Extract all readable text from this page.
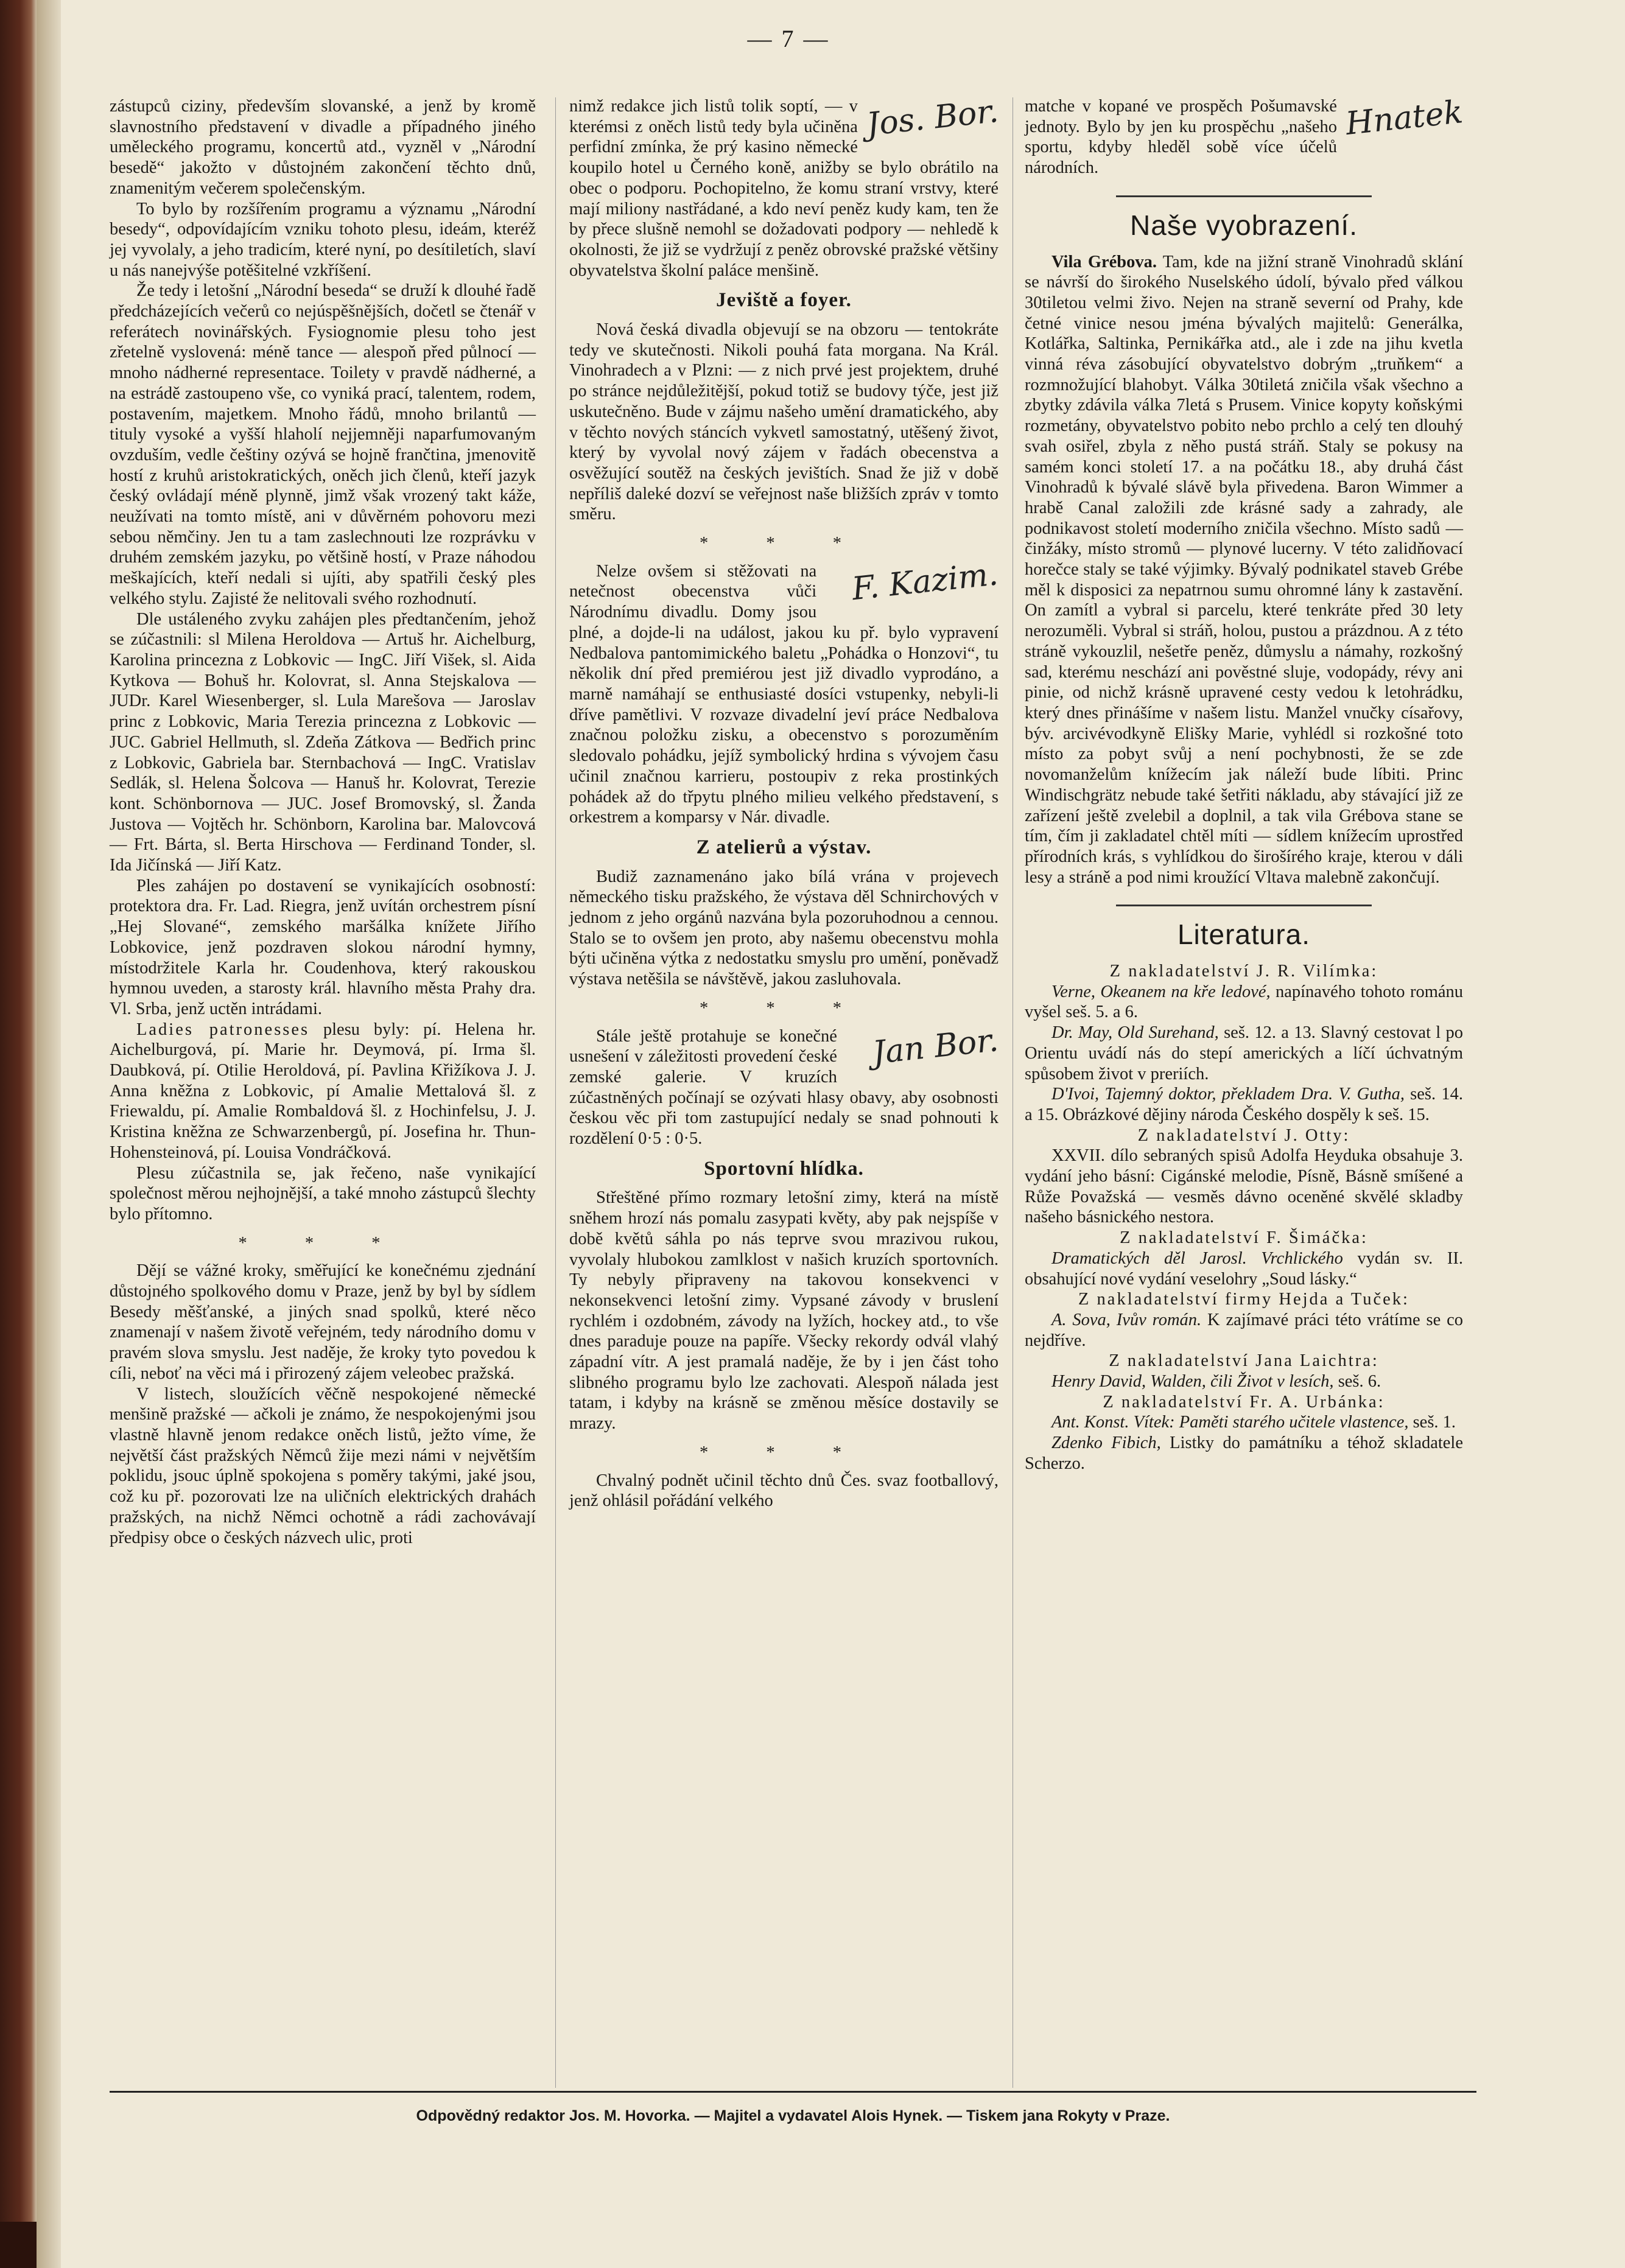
— 7 —

zástupců ciziny, především slovanské, a jenž by kromě slavnostního představení v divadle a případného jiného uměleckého programu, koncertů atd., vyzněl v „Národní besedě“ jakožto v důstojném zakončení těchto dnů, znamenitým večerem společenským.

To bylo by rozšířením programu a významu „Národní besedy“, odpovídajícím vzniku tohoto plesu, ideám, kteréž jej vyvolaly, a jeho tradicím, které nyní, po desítiletích, slaví u nás nanejvýše potěšitelné vzkříšení.

Že tedy i letošní „Národní beseda“ se druží k dlouhé řadě předcházejících večerů co nejúspěšnějších, dočetl se čtenář v referátech novinářských. Fysiognomie plesu toho jest zřetelně vyslovená: méně tance — alespoň před půlnocí — mnoho nádherné representace. Toilety v pravdě nádherné, a na estrádě zastoupeno vše, co vyniká prací, talentem, rodem, postavením, majetkem. Mnoho řádů, mnoho brilantů — tituly vysoké a vyšší hlaholí nejjemněji naparfumovaným ovzduším, vedle češtiny ozývá se hojně frančtina, jmenovitě hostí z kruhů aristokratických, oněch jich členů, kteří jazyk český ovládají méně plynně, jimž však vrozený takt káže, neužívati na tomto místě, ani v důvěrném pohovoru mezi sebou němčiny. Jen tu a tam zaslechnouti lze rozprávku v druhém zemském jazyku, po většině hostí, v Praze náhodou meškajících, kteří nedali si ujíti, aby spatřili český ples velkého stylu. Zajisté že nelitovali svého rozhodnutí.

Dle ustáleného zvyku zahájen ples předtančením, jehož se zúčastnili: sl Milena Heroldova — Artuš hr. Aichelburg, Karolina princezna z Lobkovic — IngC. Jiří Višek, sl. Aida Kytkova — Bohuš hr. Kolovrat, sl. Anna Stejskalova — JUDr. Karel Wiesenberger, sl. Lula Marešova — Jaroslav princ z Lobkovic, Maria Terezia princezna z Lobkovic — JUC. Gabriel Hellmuth, sl. Zdeňa Zátkova — Bedřich princ z Lobkovic, Gabriela bar. Sternbachová — IngC. Vratislav Sedlák, sl. Helena Šolcova — Hanuš hr. Kolovrat, Terezie kont. Schönbornova — JUC. Josef Bromovský, sl. Žanda Justova — Vojtěch hr. Schönborn, Karolina bar. Malovcová — Frt. Bárta, sl. Berta Hirschova — Ferdinand Tonder, sl. Ida Jičínská — Jiří Katz.

Ples zahájen po dostavení se vynikajících osobností: protektora dra. Fr. Lad. Riegra, jenž uvítán orchestrem písní „Hej Slované“, zemského maršálka knížete Jiřího Lobkovice, jenž pozdraven slokou národní hymny, místodržitele Karla hr. Coudenhova, který rakouskou hymnou uveden, a starosty král. hlavního města Prahy dra. Vl. Srba, jenž uctěn intrádami.

Ladies patronesses plesu byly: pí. Helena hr. Aichelburgová, pí. Marie hr. Deymová, pí. Irma šl. Daubková, pí. Otilie Heroldová, pí. Pavlina Křižíkova J. J. Anna kněžna z Lobkovic, pí Amalie Mettalová šl. z Friewaldu, pí. Amalie Rombaldová šl. z Hochinfelsu, J. J. Kristina kněžna ze Schwarzenbergů, pí. Josefina hr. Thun-Hohensteinová, pí. Louisa Vondráčková.

Plesu zúčastnila se, jak řečeno, naše vynikající společnost měrou nejhojnější, a také mnoho zástupců šlechty bylo přítomno.

* * *

Dějí se vážné kroky, směřující ke konečnému zjednání důstojného spolkového domu v Praze, jenž by byl by sídlem Besedy měšťanské, a jiných snad spolků, které něco znamenají v našem životě veřejném, tedy národního domu v pravém slova smyslu. Jest naděje, že kroky tyto povedou k cíli, neboť na věci má i přirozený zájem veleobec pražská.

V listech, sloužících věčně nespokojené německé menšině pražské — ačkoli je známo, že nespokojenými jsou vlastně hlavně jenom redakce oněch listů, ježto víme, že největší část pražských Němců žije mezi námi v největším poklidu, jsouc úplně spokojena s poměry takými, jaké jsou, což ku př. pozorovati lze na uličních elektrických drahách pražských, na nichž Němci ochotně a rádi zachovávají předpisy obce o českých názvech ulic, proti

Jos. Bor.
nimž redakce jich listů tolik soptí, — v kterémsi z oněch listů tedy byla učiněna perfidní zmínka, že prý kasino německé koupilo hotel u Černého koně, anižby se bylo obrátilo na obec o podporu. Pochopitelno, že komu straní vrstvy, které mají miliony nastřádané, a kdo neví peněz kudy kam, ten že by přece slušně nemohl se dožadovati podpory — nehledě k okolnosti, že již se vydržují z peněz obrovské pražské většiny obyvatelstva školní paláce menšině.

Jeviště a foyer.

Nová česká divadla objevují se na obzoru — tentokráte tedy ve skutečnosti. Nikoli pouhá fata morgana. Na Král. Vinohradech a v Plzni: — z nich prvé jest projektem, druhé po stránce nejdůležitější, pokud totiž se budovy týče, jest již uskutečněno. Bude v zájmu našeho umění dramatického, aby v těchto nových stáncích vykvetl samostatný, utěšený život, který by vyvolal nový zájem v řadách obecenstva a osvěžující soutěž na českých jevištích. Snad že již v době nepříliš daleké dozví se veřejnost naše bližších zpráv v tomto směru.

* * *

F. Kazim.
Nelze ovšem si stěžovati na netečnost obecenstva vůči Národnímu divadlu. Domy jsou plné, a dojde-li na událost, jakou ku př. bylo vypravení Nedbalova pantomimického baletu „Pohádka o Honzovi“, tu několik dní před premiérou jest již divadlo vyprodáno, a marně namáhají se enthusiasté dosíci vstupenky, nebyli-li dříve pamětlivi. V rozvaze divadelní jeví práce Nedbalova značnou položku zisku, a obecenstvo s porozuměním sledovalo pohádku, jejíž symbolický hrdina s vývojem času učinil značnou karrieru, postoupiv z reka prostinkých pohádek až do třpytu plného milieu velkého představení, s orkestrem a komparsy v Nár. divadle.

Z atelierů a výstav.

Budiž zaznamenáno jako bílá vrána v projevech německého tisku pražského, že výstava děl Schnirchových v jednom z jeho orgánů nazvána byla pozoruhodnou a cennou. Stalo se to ovšem jen proto, aby našemu obecenstvu mohla býti učiněna výtka z nedostatku smyslu pro umění, poněvadž výstava netěšila se návštěvě, jakou zasluhovala.

* * *

Jan Bor.
Stále ještě protahuje se konečné usnešení v záležitosti provedení české zemské galerie. V kruzích zúčastněných počínají se ozývati hlasy obavy, aby osobnosti českou věc při tom zastupující nedaly se snad pohnouti k rozdělení 0·5 : 0·5.

Sportovní hlídka.

Střeštěné přímo rozmary letošní zimy, která na místě sněhem hrozí nás pomalu zasypati květy, aby pak nejspíše v době květů sáhla po nás teprve svou mrazivou rukou, vyvolaly hlubokou zamlklost v našich kruzích sportovních. Ty nebyly připraveny na takovou konsekvenci v nekonsekvenci letošní zimy. Vypsané závody v bruslení rychlém i ozdobném, závody na lyžích, hockey atd., to vše dnes paraduje pouze na papíře. Všecky rekordy odvál vlahý západní vítr. A jest pramalá naděje, že by i jen část toho slibného programu bylo lze zachovati. Alespoň nálada jest tatam, i kdyby na krásně se změnou měsíce dostavily se mrazy.

* * *

Chvalný podnět učinil těchto dnů Čes. svaz footballový, jenž ohlásil pořádání velkého

Hnatek
matche v kopané ve prospěch Pošumavské jednoty. Bylo by jen ku prospěchu „našeho sportu, kdyby hleděl sobě více účelů národních.

Naše vyobrazení.

Vila Grébova. Tam, kde na jižní straně Vinohradů sklání se návrší do širokého Nuselského údolí, bývalo před válkou 30tiletou velmi živo. Nejen na straně severní od Prahy, kde četné vinice nesou jména bývalých majitelů: Generálka, Kotlářka, Saltinka, Pernikářka atd., ale i zde na jihu kvetla vinná réva zásobující obyvatelstvo dobrým „truňkem“ a rozmnožující blahobyt. Válka 30tiletá zničila však všechno a zbytky zdávila válka 7letá s Prusem. Vinice kopyty koňskými rozmetány, obyvatelstvo pobito nebo prchlo a celý ten dlouhý svah osiřel, zbyla z něho pustá stráň. Staly se pokusy na samém konci století 17. a na počátku 18., aby druhá část Vinohradů k bývalé slávě byla přivedena. Baron Wimmer a hrabě Canal založili zde krásné sady a zahrady, ale podnikavost století moderního zničila všechno. Místo sadů — činžáky, místo stromů — plynové lucerny. V této zalidňovací horečce staly se také výjimky. Bývalý podnikatel staveb Grébe měl k disposici za nepatrnou sumu ohromné lány k zastavění. On zamítl a vybral si parcelu, které tenkráte před 30 lety nerozuměli. Vybral si stráň, holou, pustou a prázdnou. A z této stráně vykouzlil, nešetře peněz, důmyslu a námahy, rozkošný sad, kterému neschází ani pověstné sluje, vodopády, révy ani pinie, od nichž krásně upravené cesty vedou k letohrádku, který dnes přinášíme v našem listu. Manžel vnučky císařovy, býv. arcivévodkyně Elišky Marie, vyhlédl si rozkošné toto místo za pobyt svůj a není pochybnosti, že se zde novomanželům knížecím jak náleží bude líbiti. Princ Windischgrätz nebude také šetřiti nákladu, aby stávající již ze zařízení ještě zvelebil a doplnil, a tak vila Grébova stane se tím, čím ji zakladatel chtěl míti — sídlem knížecím uprostřed přírodních krás, s vyhlídkou do širošírého kraje, kterou v dáli lesy a stráně a pod nimi kroužící Vltava malebně zakončují.

Literatura.

Z nakladatelství J. R. Vilímka:

Verne, Okeanem na kře ledové, napínavého tohoto románu vyšel seš. 5. a 6.

Dr. May, Old Surehand, seš. 12. a 13. Slavný cestovat l po Orientu uvádí nás do stepí amerických a líčí úchvatným spůsobem život v preriích.

D'Ivoi, Tajemný doktor, překladem Dra. V. Gutha, seš. 14. a 15. Obrázkové dějiny národa Českého dospěly k seš. 15.

Z nakladatelství J. Otty:

XXVII. dílo sebraných spisů Adolfa Heyduka obsahuje 3. vydání jeho básní: Cigánské melodie, Písně, Básně smíšené a Růže Považská — vesměs dávno oceněné skvělé skladby našeho básnického nestora.

Z nakladatelství F. Šimáčka:

Dramatických děl Jarosl. Vrchlického vydán sv. II. obsahující nové vydání veselohry „Soud lásky.“

Z nakladatelství firmy Hejda a Tuček:

A. Sova, Ivův román. K zajímavé práci této vrátíme se co nejdříve.

Z nakladatelství Jana Laichtra:

Henry David, Walden, čili Život v lesích, seš. 6.

Z nakladatelství Fr. A. Urbánka:

Ant. Konst. Vítek: Paměti starého učitele vlastence, seš. 1.

Zdenko Fibich, Listky do památníku a téhož skladatele Scherzo.

Odpovědný redaktor Jos. M. Hovorka. — Majitel a vydavatel Alois Hynek. — Tiskem jana Rokyty v Praze.
